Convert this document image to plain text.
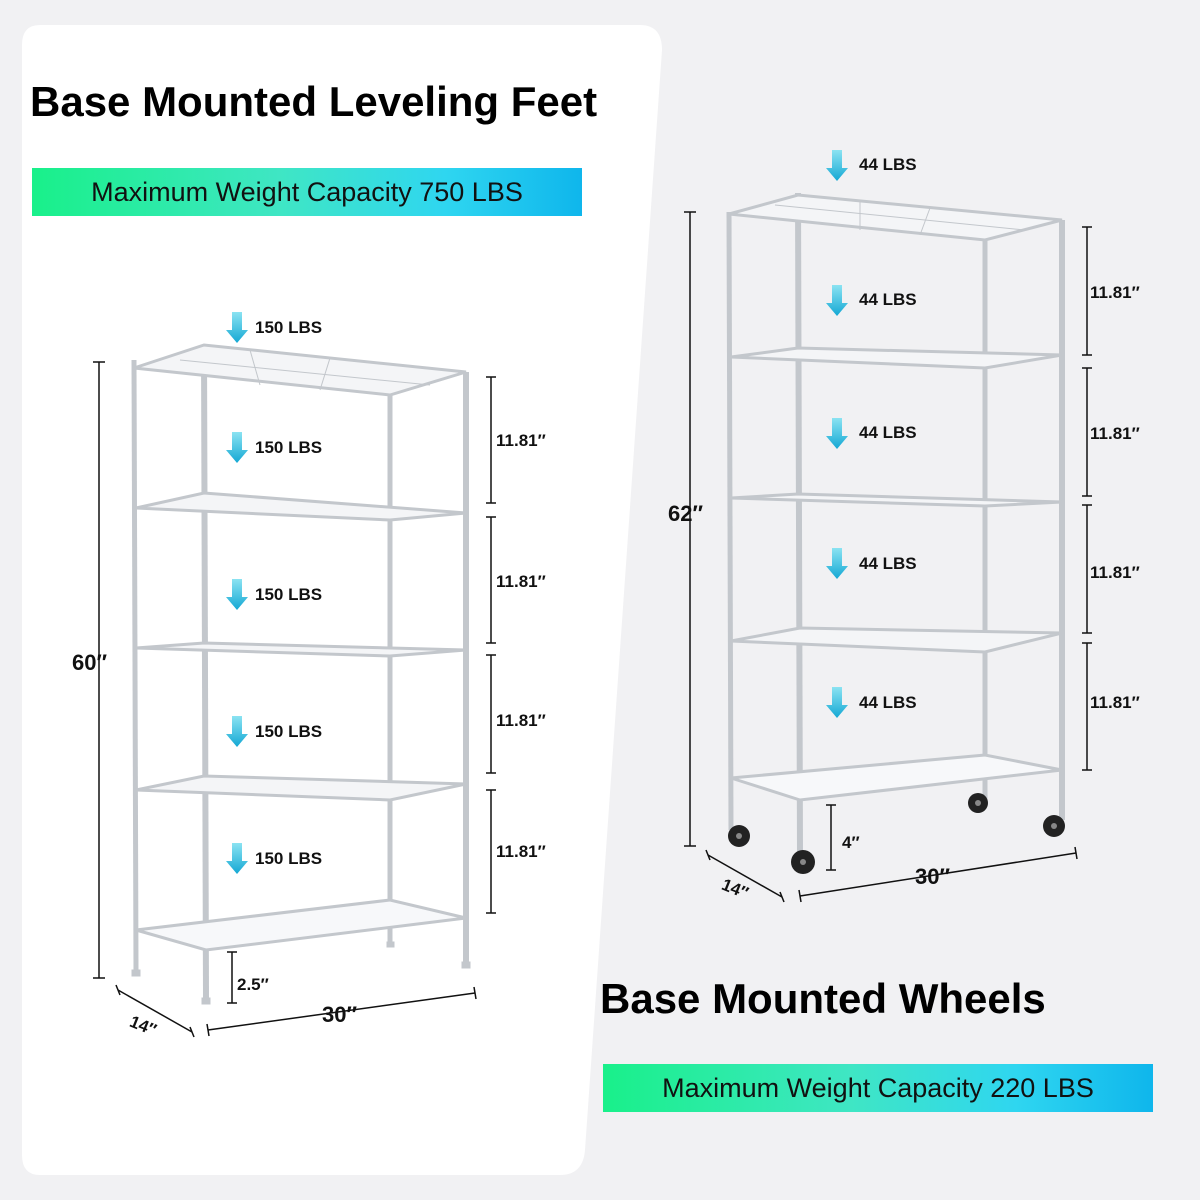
Base Mounted Leveling Feet
Maximum Weight Capacity 750 LBS
Base Mounted Wheels
Maximum Weight Capacity 220 LBS
150 LBS
150 LBS
150 LBS
150 LBS
150 LBS
11.81″
11.81″
11.81″
11.81″
60″
14″	30″
2.5″
44 LBS
44 LBS
44 LBS
44 LBS
44 LBS
11.81″
11.81″
11.81″
11.81″
62″
14″	30″
4″
